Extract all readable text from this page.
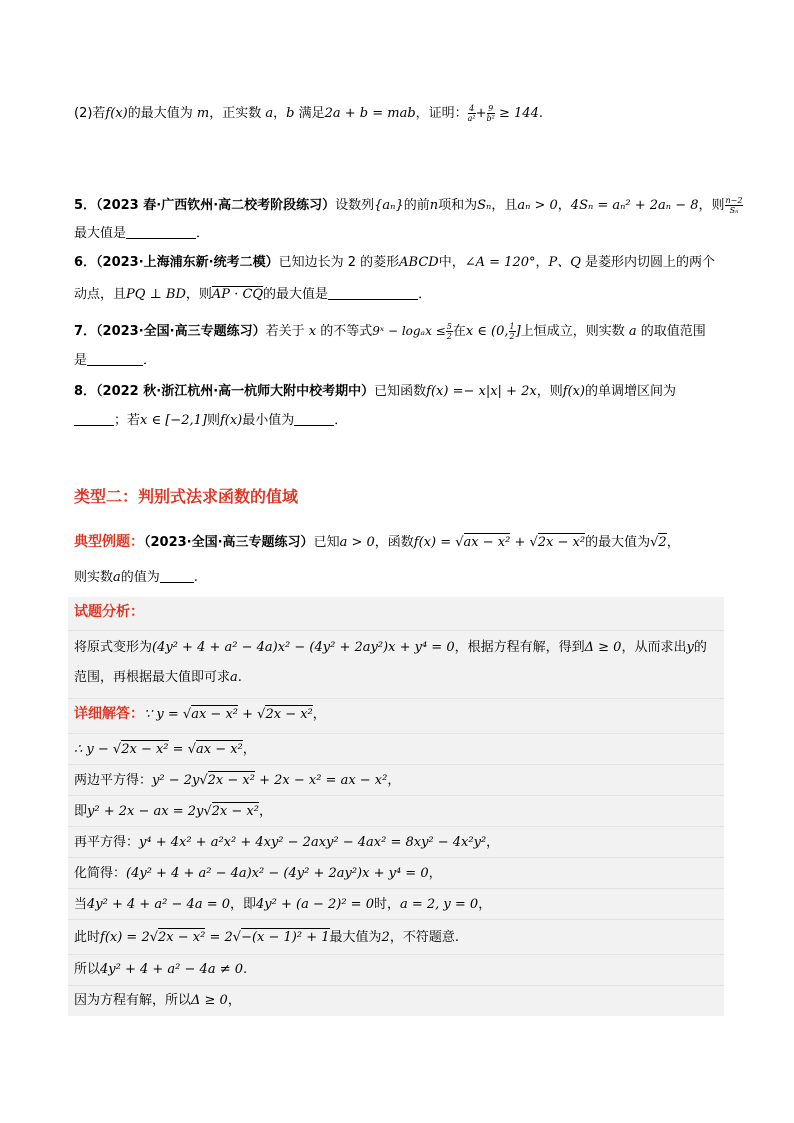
(2)若f(x)的最大值为 m，正实数 a，b 满足2a + b = mab，证明： $\frac{4}{\text{a²}} + \frac{9}{\text{b²}} \ge 144$.
5．（2023 春·广西钦州·高二校考阶段练习）设数列{aₙ}的前n项和为Sₙ，且aₙ > 0，4Sₙ = aₙ² + 2aₙ − 8，则 $\frac{n-2}{\text{Sₙ}}$
最大值是	．
6．（2023·上海浦东新·统考二模）已知边长为 2 的菱形ABCD中，∠A = 120°，P、Q 是菱形内切圆上的两个
动点，且PQ ⊥ BD，则AP · CQ的最大值是	．
7．（2023·全国·高三专题练习）若关于 x 的不等式9ˣ − $\log_ax \le \frac{5}{2}$ 在x ∈ (0, $\frac{1}{2}$ ]上恒成立，则实数 a 的取值范围
是	．
8．（2022 秋·浙江杭州·高一杭师大附中校考期中）已知函数f(x) =− x|x| + 2x，则f(x)的单调增区间为
；若x ∈ [−2,1]则f(x)最小值为	．
类型二：判别式法求函数的值域
典型例题：（2023·全国·高三专题练习）已知a > 0，函数f(x) = √ax − x² + √2x − x²的最大值为√2，
则实数a的值为	.
试题分析：
将原式变形为(4y² + 4 + a² − 4a)x² − (4y² + 2ay²)x + y⁴ = 0，根据方程有解，得到Δ ≥ 0，从而求出y的
范围，再根据最大值即可求a.
详细解答：∵ y = √ax − x² + √2x − x²，
∴ y − √2x − x² = √ax − x²，
两边平方得：y² − 2y√2x − x² + 2x − x² = ax − x²，
即y² + 2x − ax = 2y√2x − x²，
再平方得：y⁴ + 4x² + a²x² + 4xy² − 2axy² − 4ax² = 8xy² − 4x²y²，
化简得：(4y² + 4 + a² − 4a)x² − (4y² + 2ay²)x + y⁴ = 0，
当4y² + 4 + a² − 4a = 0，即4y² + (a − 2)² = 0时，a = 2, y = 0，
此时f(x) = 2√2x − x² = 2√−(x − 1)² + 1最大值为2，不符题意.
所以4y² + 4 + a² − 4a ≠ 0.
因为方程有解，所以Δ ≥ 0，
